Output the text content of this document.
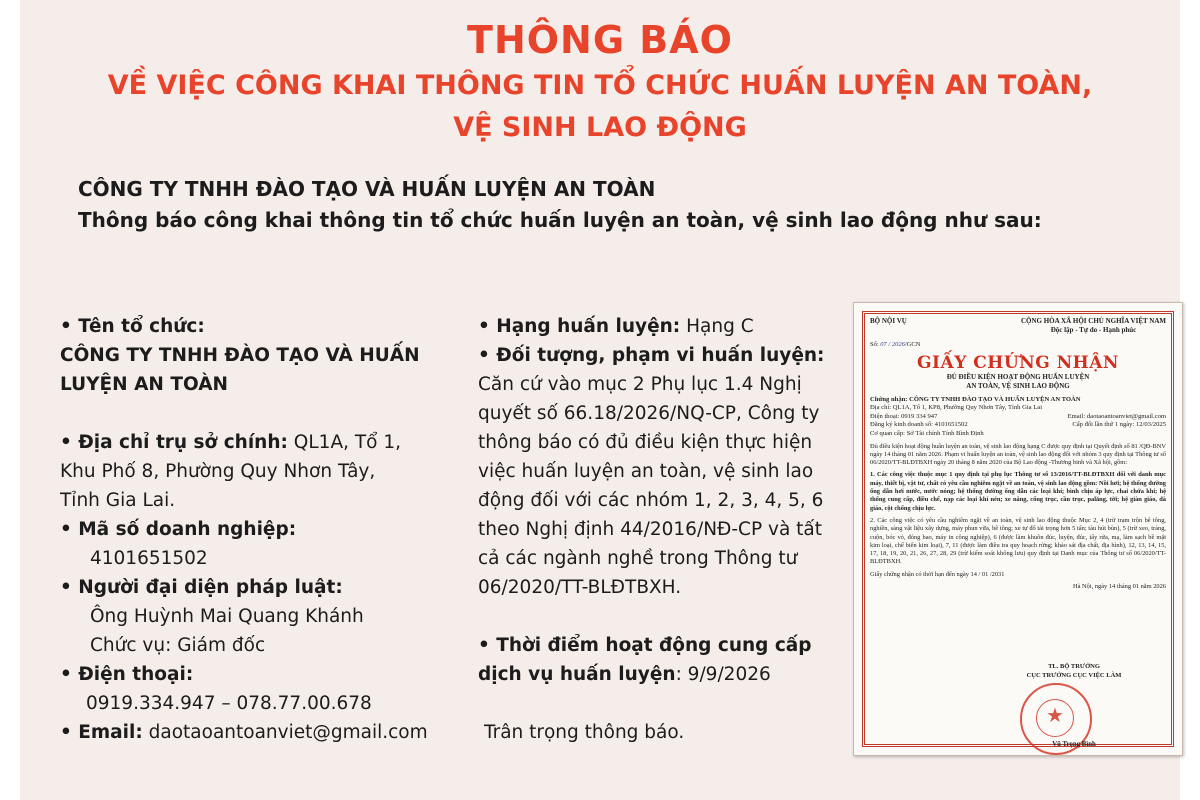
THÔNG BÁO
VỀ VIỆC CÔNG KHAI THÔNG TIN TỔ CHỨC HUẤN LUYỆN AN TOÀN,
VỆ SINH LAO ĐỘNG

CÔNG TY TNHH ĐÀO TẠO VÀ HUẤN LUYỆN AN TOÀN

Thông báo công khai thông tin tổ chức huấn luyện an toàn, vệ sinh lao động như sau:

• Tên tổ chức:

CÔNG TY TNHH ĐÀO TẠO VÀ HUẤN

LUYỆN AN TOÀN

• Địa chỉ trụ sở chính: QL1A, Tổ 1,

Khu Phố 8, Phường Quy Nhơn Tây,

Tỉnh Gia Lai.

• Mã số doanh nghiệp:

4101651502

• Người đại diện pháp luật:

Ông Huỳnh Mai Quang Khánh

Chức vụ: Giám đốc

• Điện thoại:

0919.334.947 – 078.77.00.678

• Email: daotaoantoanviet@gmail.com

• Hạng huấn luyện: Hạng C

• Đối tượng, phạm vi huấn luyện:

Căn cứ vào mục 2 Phụ lục 1.4 Nghị

quyết số 66.18/2026/NQ-CP, Công ty

thông báo có đủ điều kiện thực hiện

việc huấn luyện an toàn, vệ sinh lao

động đối với các nhóm 1, 2, 3, 4, 5, 6

theo Nghị định 44/2016/NĐ-CP và tất

cả các ngành nghề trong Thông tư

06/2020/TT-BLĐTBXH.

• Thời điểm hoạt động cung cấp

dịch vụ huấn luyện: 9/9/2026

Trân trọng thông báo.

BỘ NỘI VỤ	CỘNG HÒA XÃ HỘI CHỦ NGHĨA VIỆT NAM
Độc lập - Tự do - Hạnh phúc
Số: 07 / 2026/GCN
GIẤY CHỨNG NHẬN
ĐỦ ĐIỀU KIỆN HOẠT ĐỘNG HUẤN LUYỆN
AN TOÀN, VỆ SINH LAO ĐỘNG
Chứng nhận: CÔNG TY TNHH ĐÀO TẠO VÀ HUẤN LUYỆN AN TOÀN
Địa chỉ: QL1A, Tổ 1, KP8, Phường Quy Nhơn Tây, Tỉnh Gia Lai
Điện thoại: 0919 334 947	Email: daotaoantoanviet@gmail.com
Đăng ký kinh doanh số: 4101651502	Cấp đổi lần thứ 1 ngày: 12/03/2025
Cơ quan cấp: Sở Tài chính Tỉnh Bình Định
Đủ điều kiện hoạt động huấn luyện an toàn, vệ sinh lao động hạng C được quy định tại Quyết định số 81 /QĐ-BNV ngày 14 tháng 01 năm 2026. Phạm vi huấn luyện an toàn, vệ sinh lao động đối với nhóm 3 quy định tại Thông tư số 06/2020/TT-BLĐTBXH ngày 20 tháng 8 năm 2020 của Bộ Lao động -Thương binh và Xã hội, gồm:
1. Các công việc thuộc mục 1 quy định tại phụ lục Thông tư số 13/2016/TT-BLĐTBXH đối với danh mục máy, thiết bị, vật tư, chất có yêu cầu nghiêm ngặt về an toàn, vệ sinh lao động gồm: Nồi hơi; hệ thống đường ống dẫn hơi nước, nước nóng; hệ thống đường ống dẫn các loại khí; bình chịu áp lực, chai chứa khí; hệ thống cung cấp, điều chế, nạp các loại khí nén; xe nâng, cổng trục, cần trục, palăng, tời; hệ giàn giáo, đà giáo, cột chống chịu lực.
2. Các công việc có yêu cầu nghiêm ngặt về an toàn, vệ sinh lao động thuộc Mục 2, 4 (trừ trạm trộn bê tông, nghiền, sàng vật liệu xây dựng, máy phun vữa, bê tông; xe tự đổ tải trọng hơn 5 tấn; tàu hút bùn), 5 (trừ xeo, tráng, cuộn, bóc vỏ, đóng bao, máy in công nghiệp), 6 (được làm khuôn đúc, luyện, đúc, tẩy rửa, mạ, làm sạch bề mặt kim loại, chế biến kim loại), 7, 11 (được làm điều tra quy hoạch rừng; khảo sát địa chất, địa hình), 12, 13, 14, 15, 17, 18, 19, 20, 21, 26, 27, 28, 29 (trừ kiểm soát không lưu) quy định tại Danh mục của Thông tư số 06/2020/TT-BLĐTBXH.
Giấy chứng nhận có thời hạn đến ngày 14 / 01 /2031
Hà Nội, ngày 14 tháng 01 năm 2026
TL. BỘ TRƯỞNG
CỤC TRƯỞNG CỤC VIỆC LÀM
★
Vũ Trọng Bình
